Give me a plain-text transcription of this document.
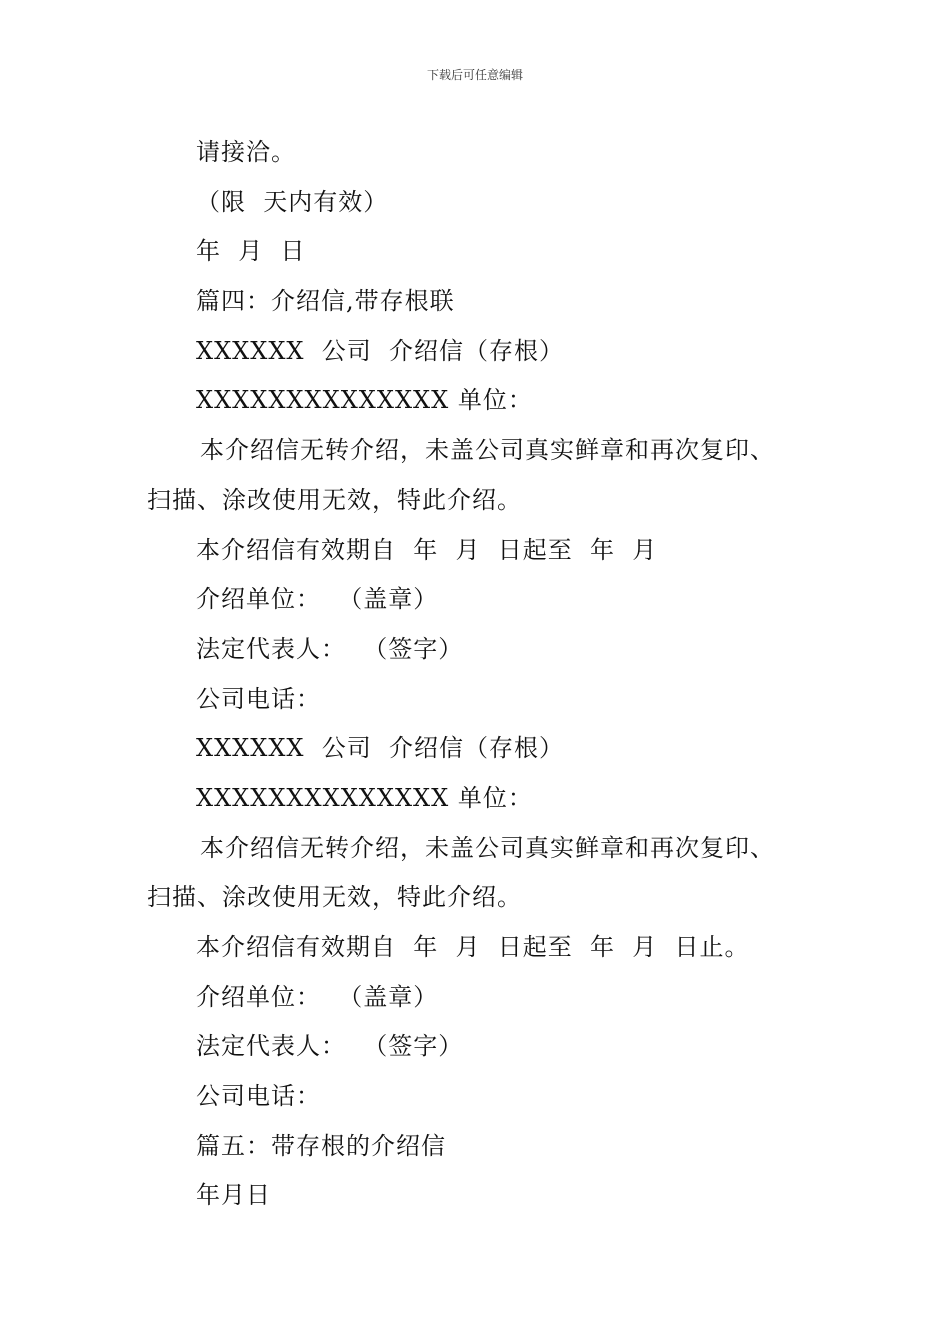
下载后可任意编辑
请接洽。
（限  天内有效）
年  月  日
篇四：介绍信,带存根联
XXXXXX  公司  介绍信（存根）
XXXXXXXXXXXXXX 单位：
本介绍信无转介绍，未盖公司真实鲜章和再次复印、
扫描、涂改使用无效，特此介绍。
本介绍信有效期自  年  月  日起至  年  月
介绍单位：  （盖章）
法定代表人：  （签字）
公司电话：
XXXXXX  公司  介绍信（存根）
XXXXXXXXXXXXXX 单位：
本介绍信无转介绍，未盖公司真实鲜章和再次复印、
扫描、涂改使用无效，特此介绍。
本介绍信有效期自  年  月  日起至  年  月  日止。
介绍单位：  （盖章）
法定代表人：  （签字）
公司电话：
篇五：带存根的介绍信
年月日
